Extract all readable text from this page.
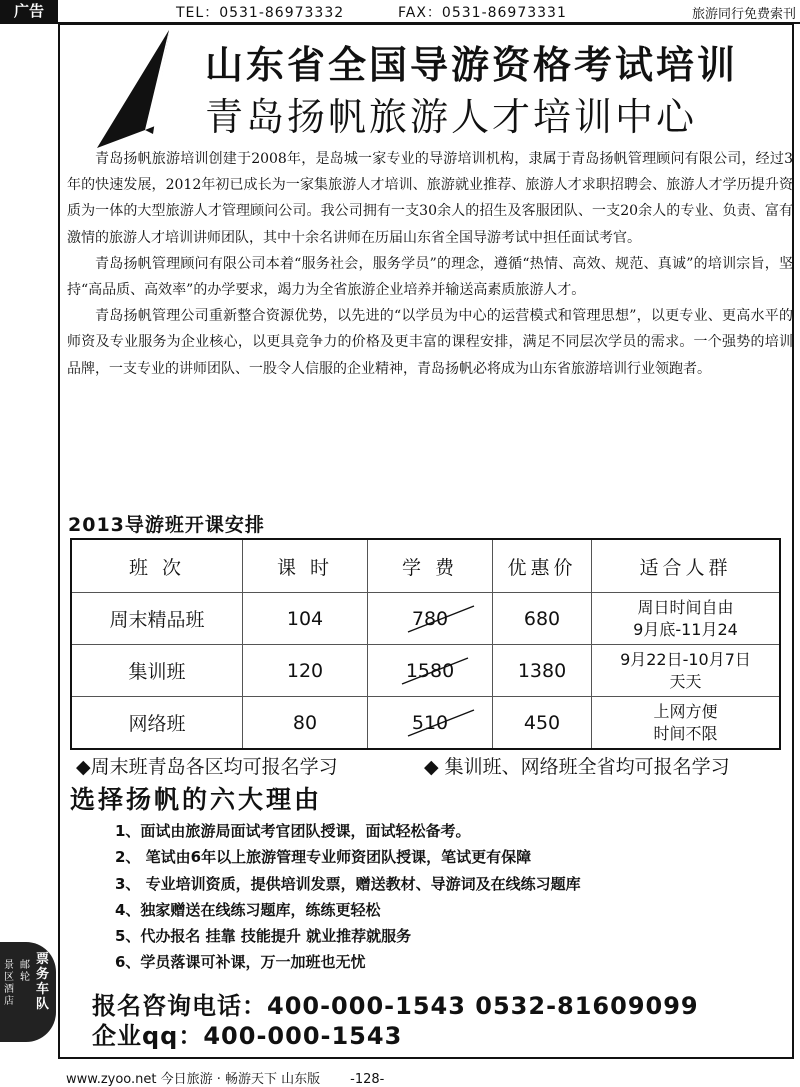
广告	TEL：0531-86973332	FAX：0531-86973331	旅游同行免费索刊
山东省全国导游资格考试培训
青岛扬帆旅游人才培训中心

青岛扬帆旅游培训创建于2008年，是岛城一家专业的导游培训机构，隶属于青岛扬帆管理顾问有限公司，经过3年的快速发展，2012年初已成长为一家集旅游人才培训、旅游就业推荐、旅游人才求职招聘会、旅游人才学历提升资质为一体的大型旅游人才管理顾问公司。我公司拥有一支30余人的招生及客服团队、一支20余人的专业、负责、富有激情的旅游人才培训讲师团队，其中十余名讲师在历届山东省全国导游考试中担任面试考官。

青岛扬帆管理顾问有限公司本着“服务社会，服务学员”的理念，遵循“热情、高效、规范、真诚”的培训宗旨，坚持“高品质、高效率”的办学要求，竭力为全省旅游企业培养并输送高素质旅游人才。

青岛扬帆管理公司重新整合资源优势，以先进的“以学员为中心的运营模式和管理思想”，以更专业、更高水平的师资及专业服务为企业核心，以更具竞争力的价格及更丰富的课程安排，满足不同层次学员的需求。一个强势的培训品牌，一支专业的讲师团队、一股令人信服的企业精神，青岛扬帆必将成为山东省旅游培训行业领跑者。

2013导游班开课安排
班 次	课 时	学 费	优惠价	适合人群
周末精品班	104	780	680	周日时间自由
9月底-11月24

集训班	120	1580	1380	9月22日-10月7日
天天

网络班	80	510	450	上网方便
时间不限
◆周末班青岛各区均可报名学习	◆ 集训班、网络班全省均可报名学习
选择扬帆的六大理由
1、面试由旅游局面试考官团队授课，面试轻松备考。
2、 笔试由6年以上旅游管理专业师资团队授课，笔试更有保障
3、 专业培训资质，提供培训发票，赠送教材、导游词及在线练习题库
4、独家赠送在线练习题库，练练更轻松
5、代办报名 挂靠 技能提升 就业推荐就服务
6、学员落课可补课，万一加班也无忧
报名咨询电话：400-000-1543 0532-81609099
企业qq：400-000-1543
景区酒店
邮轮
票务车队
www.zyoo.net 今日旅游 · 畅游天下 山东版 -128-
